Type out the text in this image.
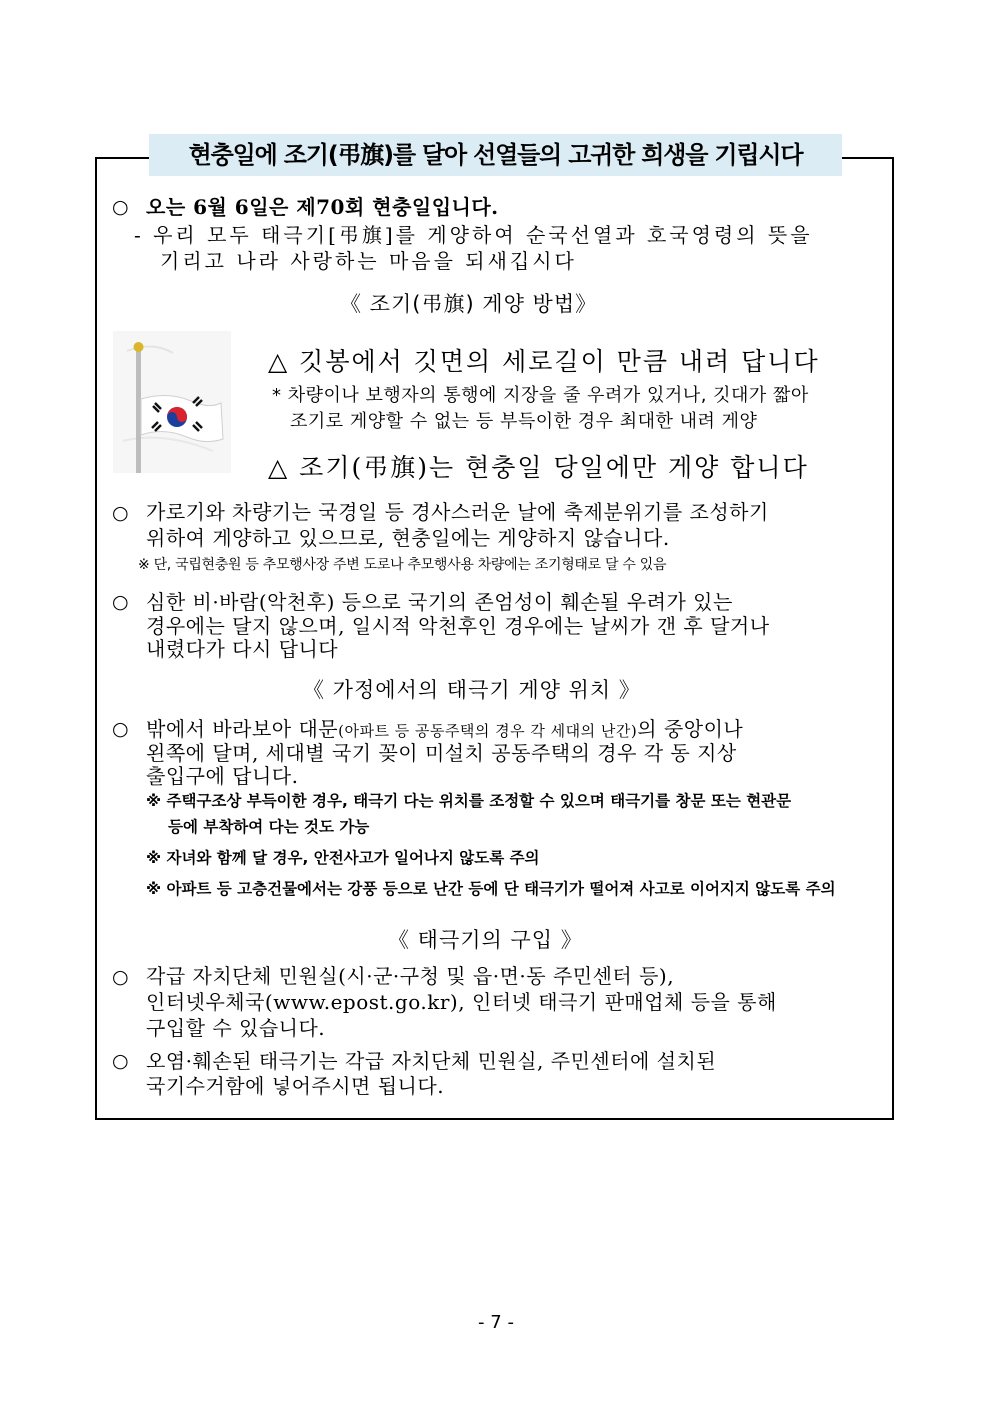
현충일에 조기(弔旗)를 달아 선열들의 고귀한 희생을 기립시다
○ 오는 6월 6일은 제70회 현충일입니다.
- 우리 모두 태극기[弔旗]를 게양하여 순국선열과 호국영령의 뜻을
기리고 나라 사랑하는 마음을 되새깁시다
《 조기(弔旗) 게양 방법》
△ 깃봉에서 깃면의 세로길이 만큼 내려 답니다
* 차량이나 보행자의 통행에 지장을 줄 우려가 있거나, 깃대가 짧아
조기로 게양할 수 없는 등 부득이한 경우 최대한 내려 게양
△ 조기(弔旗)는 현충일 당일에만 게양 합니다
○ 가로기와 차량기는 국경일 등 경사스러운 날에 축제분위기를 조성하기
위하여 게양하고 있으므로, 현충일에는 게양하지 않습니다.
※ 단, 국립현충원 등 추모행사장 주변 도로나 추모행사용 차량에는 조기형태로 달 수 있음
○ 심한 비·바람(악천후) 등으로 국기의 존엄성이 훼손될 우려가 있는
경우에는 달지 않으며, 일시적 악천후인 경우에는 날씨가 갠 후 달거나
내렸다가 다시 답니다
《 가정에서의 태극기 게양 위치 》
○ 밖에서 바라보아 대문(아파트 등 공동주택의 경우 각 세대의 난간)의 중앙이나
왼쪽에 달며, 세대별 국기 꽂이 미설치 공동주택의 경우 각 동 지상
출입구에 답니다.
※ 주택구조상 부득이한 경우, 태극기 다는 위치를 조정할 수 있으며 태극기를 창문 또는 현관문
등에 부착하여 다는 것도 가능
※ 자녀와 함께 달 경우, 안전사고가 일어나지 않도록 주의
※ 아파트 등 고층건물에서는 강풍 등으로 난간 등에 단 태극기가 떨어져 사고로 이어지지 않도록 주의
《 태극기의 구입 》
○ 각급 자치단체 민원실(시·군·구청 및 읍·면·동 주민센터 등),
인터넷우체국(www.epost.go.kr), 인터넷 태극기 판매업체 등을 통해
구입할 수 있습니다.
○ 오염·훼손된 태극기는 각급 자치단체 민원실, 주민센터에 설치된
국기수거함에 넣어주시면 됩니다.
- 7 -
